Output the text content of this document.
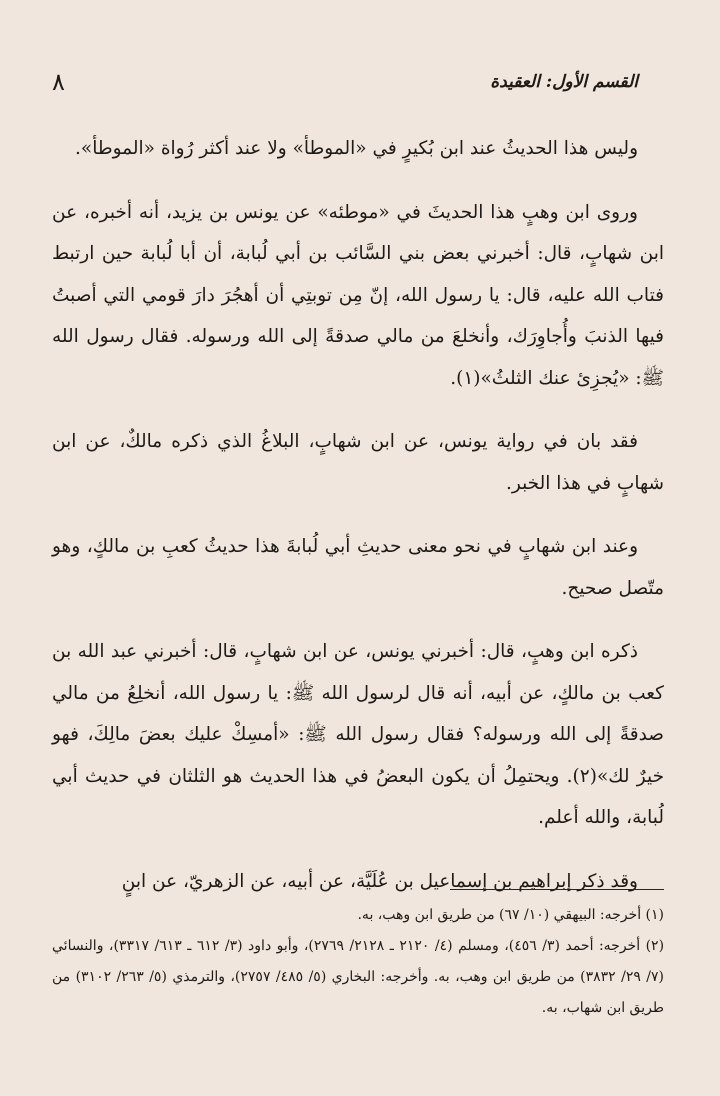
القسم الأول: العقيدة
٨

وليس هذا الحديثُ عند ابن بُكيرٍ في «الموطأ» ولا عند أكثر رُواة «الموطأ».

وروى ابن وهبٍ هذا الحديثَ في «موطئه» عن يونس بن يزيد، أنه أخبره، عن ابن شهابٍ، قال: أخبرني بعض بني السَّائب بن أبي لُبابة، أن أبا لُبابة حين ارتبط فتاب الله عليه، قال: يا رسول الله، إنّ مِن توبتِي أن أهجُرَ دارَ قومي التي أصبتُ فيها الذنبَ وأُجاوِرَك، وأنخلعَ من مالي صدقةً إلى الله ورسوله. فقال رسول الله ﷺ: «يُجزِئ عنك الثلثُ»(١).

فقد بان في رواية يونس، عن ابن شهابٍ، البلاغُ الذي ذكره مالكٌ، عن ابن شهابٍ في هذا الخبر.

وعند ابن شهابٍ في نحو معنى حديثِ أبي لُبابةَ هذا حديثُ كعبِ بن مالكٍ، وهو متّصل صحيح.

ذكره ابن وهبٍ، قال: أخبرني يونس، عن ابن شهابٍ، قال: أخبرني عبد الله بن كعب بن مالكٍ، عن أبيه، أنه قال لرسول الله ﷺ: يا رسول الله، أنخلِعُ من مالي صدقةً إلى الله ورسوله؟ فقال رسول الله ﷺ: «أمسِكْ عليك بعضَ مالِكَ، فهو خيرٌ لك»(٢). ويحتمِلُ أن يكون البعضُ في هذا الحديث هو الثلثان في حديث أبي لُبابة، والله أعلم.

وقد ذكر إبراهيم بن إسماعيل بن عُلَيَّة، عن أبيه، عن الزهريّ، عن ابنٍ

(١) أخرجه: البيهقي (١٠/ ٦٧) من طريق ابن وهب، به.

(٢) أخرجه: أحمد (٣/ ٤٥٦)، ومسلم (٤/ ٢١٢٠ ـ ٢١٢٨/ ٢٧٦٩)، وأبو داود (٣/ ٦١٢ ـ ٦١٣/ ٣٣١٧)، والنسائي (٧/ ٢٩/ ٣٨٣٢) من طريق ابن وهب، به. وأخرجه: البخاري (٥/ ٤٨٥/ ٢٧٥٧)، والترمذي (٥/ ٢٦٣/ ٣١٠٢) من طريق ابن شهاب، به.
